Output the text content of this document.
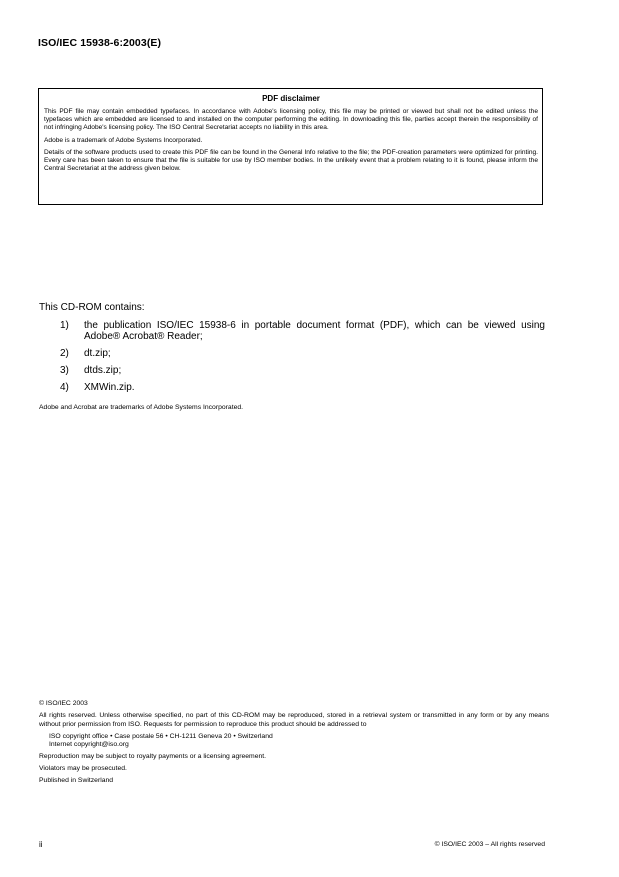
ISO/IEC 15938-6:2003(E)

PDF disclaimer

This PDF file may contain embedded typefaces. In accordance with Adobe's licensing policy, this file may be printed or viewed but shall not be edited unless the typefaces which are embedded are licensed to and installed on the computer performing the editing. In downloading this file, parties accept therein the responsibility of not infringing Adobe's licensing policy. The ISO Central Secretariat accepts no liability in this area.

Adobe is a trademark of Adobe Systems Incorporated.

Details of the software products used to create this PDF file can be found in the General Info relative to the file; the PDF-creation parameters were optimized for printing. Every care has been taken to ensure that the file is suitable for use by ISO member bodies. In the unlikely event that a problem relating to it is found, please inform the Central Secretariat at the address given below.

This CD-ROM contains:
1)	the publication ISO/IEC 15938-6 in portable document format (PDF), which can be viewed using Adobe® Acrobat® Reader;
2)	dt.zip;
3)	dtds.zip;
4)	XMWin.zip.
Adobe and Acrobat are trademarks of Adobe Systems Incorporated.

© ISO/IEC 2003

All rights reserved. Unless otherwise specified, no part of this CD-ROM may be reproduced, stored in a retrieval system or transmitted in any form or by any means without prior permission from ISO. Requests for permission to reproduce this product should be addressed to

ISO copyright office • Case postale 56 • CH-1211 Geneva 20 • Switzerland

Internet copyright@iso.org

Reproduction may be subject to royalty payments or a licensing agreement.

Violators may be prosecuted.

Published in Switzerland

ii	© ISO/IEC 2003 – All rights reserved
